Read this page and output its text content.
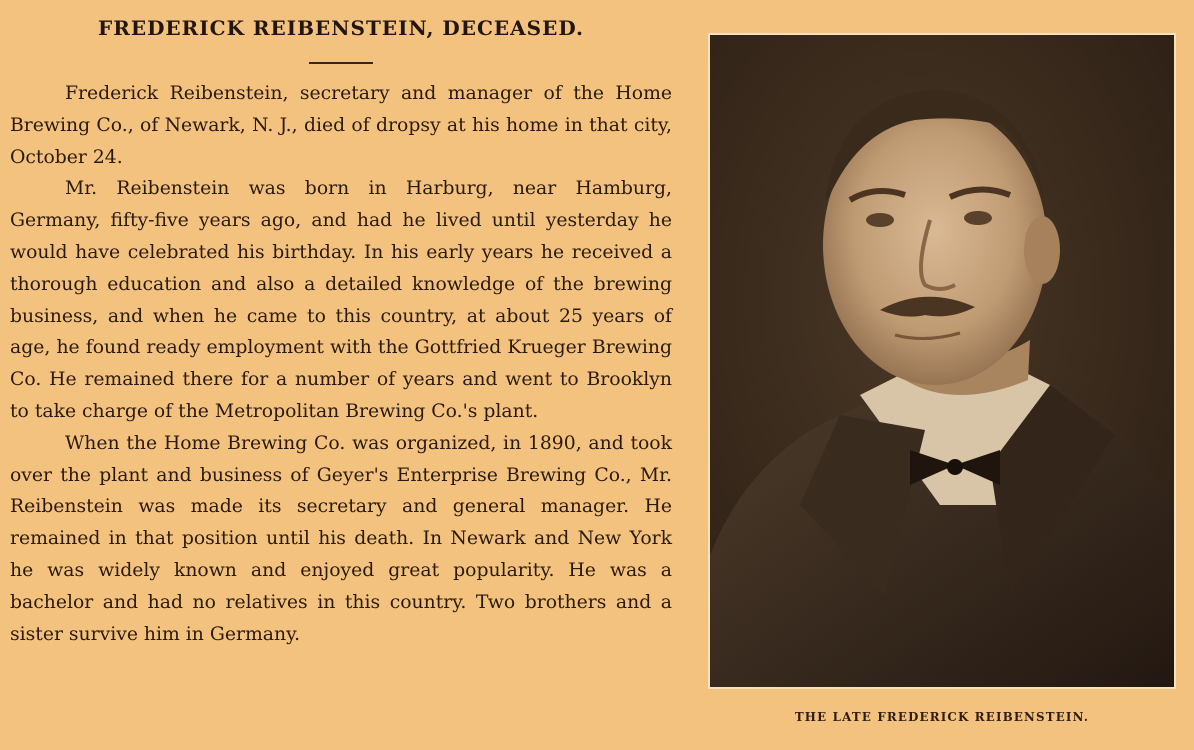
FREDERICK REIBENSTEIN, DECEASED.

Frederick Reibenstein, secretary and manager of the Home Brewing Co., of Newark, N. J., died of dropsy at his home in that city, October 24.

Mr. Reibenstein was born in Harburg, near Hamburg, Germany, fifty-five years ago, and had he lived until yesterday he would have celebrated his birthday. In his early years he received a thorough education and also a detailed knowledge of the brewing business, and when he came to this country, at about 25 years of age, he found ready employment with the Gottfried Krueger Brewing Co. He remained there for a number of years and went to Brooklyn to take charge of the Metropolitan Brewing Co.'s plant.

When the Home Brewing Co. was organized, in 1890, and took over the plant and business of Geyer's Enterprise Brewing Co., Mr. Reibenstein was made its secretary and general manager. He remained in that position until his death. In Newark and New York he was widely known and enjoyed great popularity. He was a bachelor and had no relatives in this country. Two brothers and a sister survive him in Germany.

THE LATE FREDERICK REIBENSTEIN.
